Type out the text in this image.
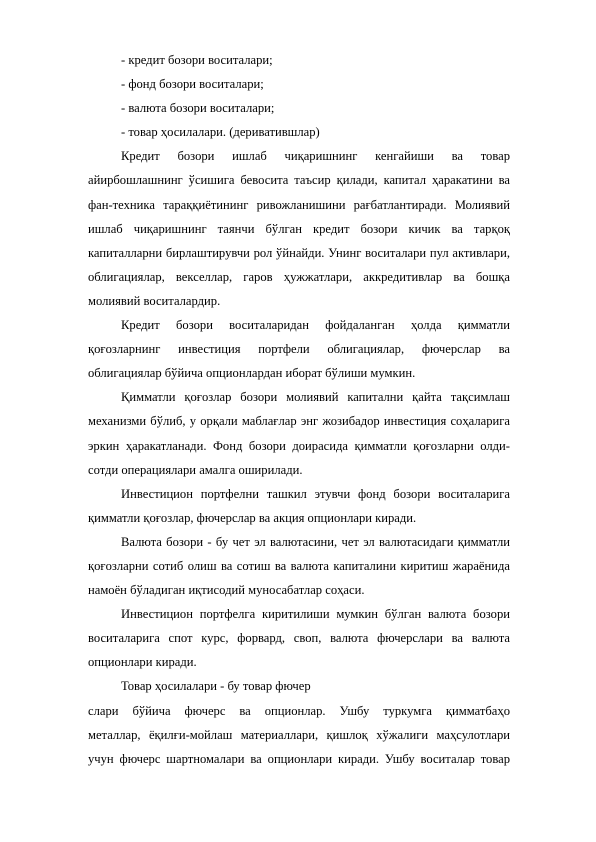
- кредит бозори воситалари;
- фонд бозори воситалари;
- валюта бозори воситалари;
- товар ҳосилалари. (дериватившлар)
Кредит бозори ишлаб чиқаришнинг кенгайиши ва товар
айирбошлашнинг ўсишига бевосита таъсир қилади, капитал ҳаракатини ва
фан-техника тараққиётининг ривожланишини рағбатлантиради. Молиявий
ишлаб чиқаришнинг таянчи бўлган кредит бозори кичик ва тарқоқ
капиталларни бирлаштирувчи рол ўйнайди. Унинг воситалари пул активлари,
облигациялар, векселлар, гаров ҳужжатлари, аккредитивлар ва бошқа
молиявий воситалардир.
Кредит бозори воситаларидан фойдаланган ҳолда қимматли
қоғозларнинг инвестиция портфели облигациялар, фючерслар ва
облигациялар бўйича опционлардан иборат бўлиши мумкин.
Қимматли қоғозлар бозори молиявий капитални қайта тақсимлаш
механизми бўлиб, у орқали маблағлар энг жозибадор инвестиция соҳаларига
эркин ҳаракатланади. Фонд бозори доирасида қимматли қоғозларни олди-
сотди операциялари амалга оширилади.
Инвестицион портфелни ташкил этувчи фонд бозори воситаларига
қимматли қоғозлар, фючерслар ва акция опционлари киради.
Валюта бозори - бу чет эл валютасини, чет эл валютасидаги қимматли
қоғозларни сотиб олиш ва сотиш ва валюта капиталини киритиш жараёнида
намоён бўладиган иқтисодий муносабатлар соҳаси.
Инвестицион портфелга киритилиши мумкин бўлган валюта бозори
воситаларига спот курс, форвард, своп, валюта фючерслари ва валюта
опционлари киради.
Товар ҳосилалари - бу товар фючер
слари бўйича фючерс ва опционлар. Ушбу туркумга қимматбаҳо
металлар, ёқилғи-мойлаш материаллари, қишлоқ хўжалиги маҳсулотлари
учун фючерс шартномалари ва опционлари киради. Ушбу воситалар товар
